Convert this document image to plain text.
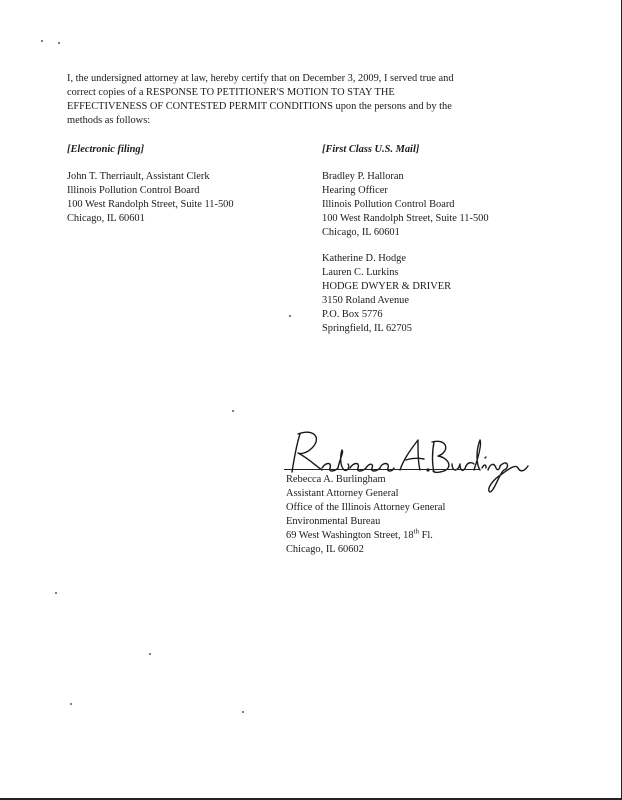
I, the undersigned attorney at law, hereby certify that on December 3, 2009, I served true and
correct copies of a RESPONSE TO PETITIONER'S MOTION TO STAY THE
EFFECTIVENESS OF CONTESTED PERMIT CONDITIONS upon the persons and by the
methods as follows:
[Electronic filing]	[First Class U.S. Mail]
John T. Therriault, Assistant Clerk
Illinois Pollution Control Board
100 West Randolph Street, Suite 11-500
Chicago, IL 60601
Bradley P. Halloran
Hearing Officer
Illinois Pollution Control Board
100 West Randolph Street, Suite 11-500
Chicago, IL 60601
Katherine D. Hodge
Lauren C. Lurkins
HODGE DWYER & DRIVER
3150 Roland Avenue
P.O. Box 5776
Springfield, IL 62705
Rebecca A. Burlingham
Assistant Attorney General
Office of the Illinois Attorney General
Environmental Bureau
69 West Washington Street, 18th Fl.
Chicago, IL 60602
